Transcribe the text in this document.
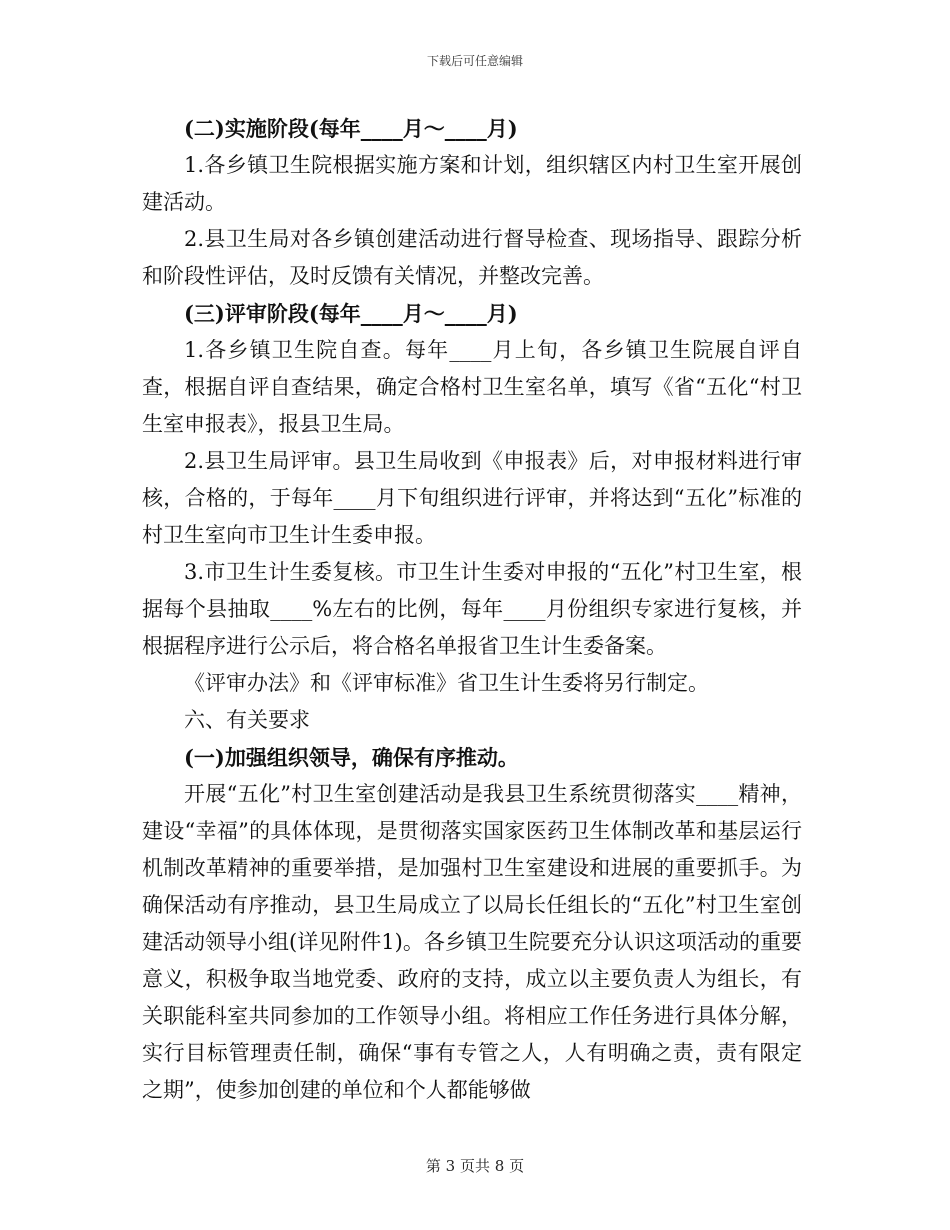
下载后可任意编辑

(二)实施阶段(每年____月～____月)

1.各乡镇卫生院根据实施方案和计划，组织辖区内村卫生室开展创建活动。

2.县卫生局对各乡镇创建活动进行督导检查、现场指导、跟踪分析和阶段性评估，及时反馈有关情况，并整改完善。

(三)评审阶段(每年____月～____月)

1.各乡镇卫生院自查。每年____月上旬，各乡镇卫生院展自评自查，根据自评自查结果，确定合格村卫生室名单，填写《省“五化“村卫生室申报表》，报县卫生局。

2.县卫生局评审。县卫生局收到《申报表》后，对申报材料进行审核，合格的，于每年____月下旬组织进行评审，并将达到“五化”标准的村卫生室向市卫生计生委申报。

3.市卫生计生委复核。市卫生计生委对申报的“五化”村卫生室，根据每个县抽取____%左右的比例，每年____月份组织专家进行复核，并根据程序进行公示后，将合格名单报省卫生计生委备案。

《评审办法》和《评审标准》省卫生计生委将另行制定。

六、有关要求

(一)加强组织领导，确保有序推动。

开展“五化”村卫生室创建活动是我县卫生系统贯彻落实____精神，建设“幸福”的具体体现，是贯彻落实国家医药卫生体制改革和基层运行机制改革精神的重要举措，是加强村卫生室建设和进展的重要抓手。为确保活动有序推动，县卫生局成立了以局长任组长的“五化”村卫生室创建活动领导小组(详见附件1)。各乡镇卫生院要充分认识这项活动的重要意义，积极争取当地党委、政府的支持，成立以主要负责人为组长，有关职能科室共同参加的工作领导小组。将相应工作任务进行具体分解，实行目标管理责任制，确保“事有专管之人，人有明确之责，责有限定之期”，使参加创建的单位和个人都能够做

第 3 页共 8 页
